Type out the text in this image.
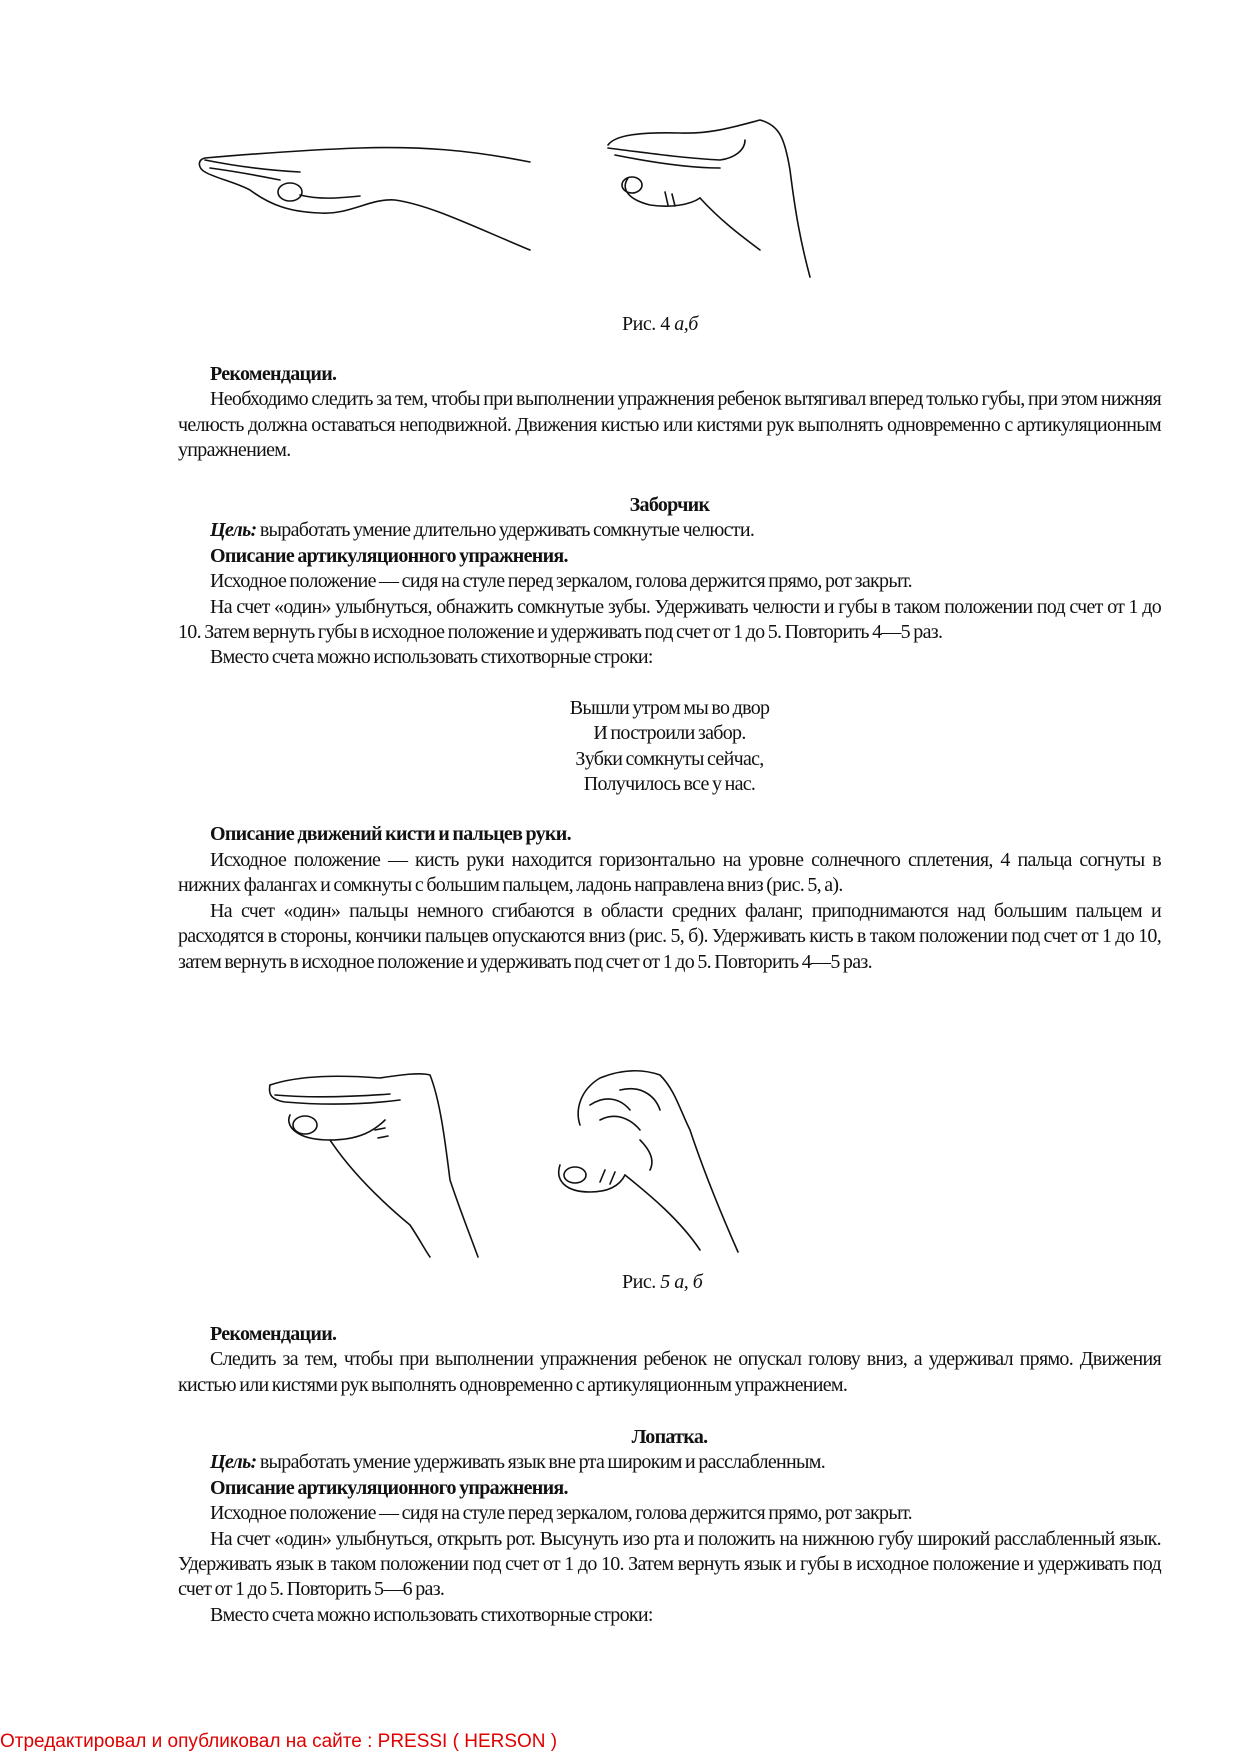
Рис. 4 а,б

Рекомендации.

Необходимо следить за тем, чтобы при выполнении упражнения ребенок вытягивал вперед только губы, при этом нижняя челюсть должна оставаться неподвижной. Движения кистью или кистями рук выполнять одновременно с артикуляционным упражнением.

Заборчик

Цель: выработать умение длительно удерживать сомкнутые челюсти.

Описание артикуляционного упражнения.

Исходное положение — сидя на стуле перед зеркалом, голова держится прямо, рот закрыт.

На счет «один» улыбнуться, обнажить сомкнутые зубы. Удерживать челюсти и губы в таком положении под счет от 1 до 10. Затем вернуть губы в исходное положение и удерживать под счет от 1 до 5. Повторить 4—5 раз.

Вместо счета можно использовать стихотворные строки:

Вышли утром мы во двор

И построили забор.

Зубки сомкнуты сейчас,

Получилось все у нас.

Описание движений кисти и пальцев руки.

Исходное положение — кисть руки находится горизонтально на уровне солнечного сплетения, 4 пальца согнуты в нижних фалангах и сомкнуты с большим пальцем, ладонь направлена вниз (рис. 5, а).

На счет «один» пальцы немного сгибаются в области средних фаланг, приподнимаются над большим пальцем и расходятся в стороны, кончики пальцев опускаются вниз (рис. 5, б). Удерживать кисть в таком положении под счет от 1 до 10, затем вернуть в исходное положение и удерживать под счет от 1 до 5. Повторить 4—5 раз.

Рис. 5 а, б

Рекомендации.

Следить за тем, чтобы при выполнении упражнения ребенок не опускал голову вниз, а удерживал прямо. Движения кистью или кистями рук выполнять одновременно с артикуляционным упражнением.

Лопатка.

Цель: выработать умение удерживать язык вне рта широким и расслабленным.

Описание артикуляционного упражнения.

Исходное положение — сидя на стуле перед зеркалом, голова держится прямо, рот закрыт.

На счет «один» улыбнуться, открыть рот. Высунуть изо рта и положить на нижнюю губу широкий расслабленный язык. Удерживать язык в таком положении под счет от 1 до 10. Затем вернуть язык и губы в исходное положение и удерживать под счет от 1 до 5. Повторить 5—6 раз.

Вместо счета можно использовать стихотворные строки:

Отредактировал и опубликовал на сайте : PRESSI ( HERSON )
